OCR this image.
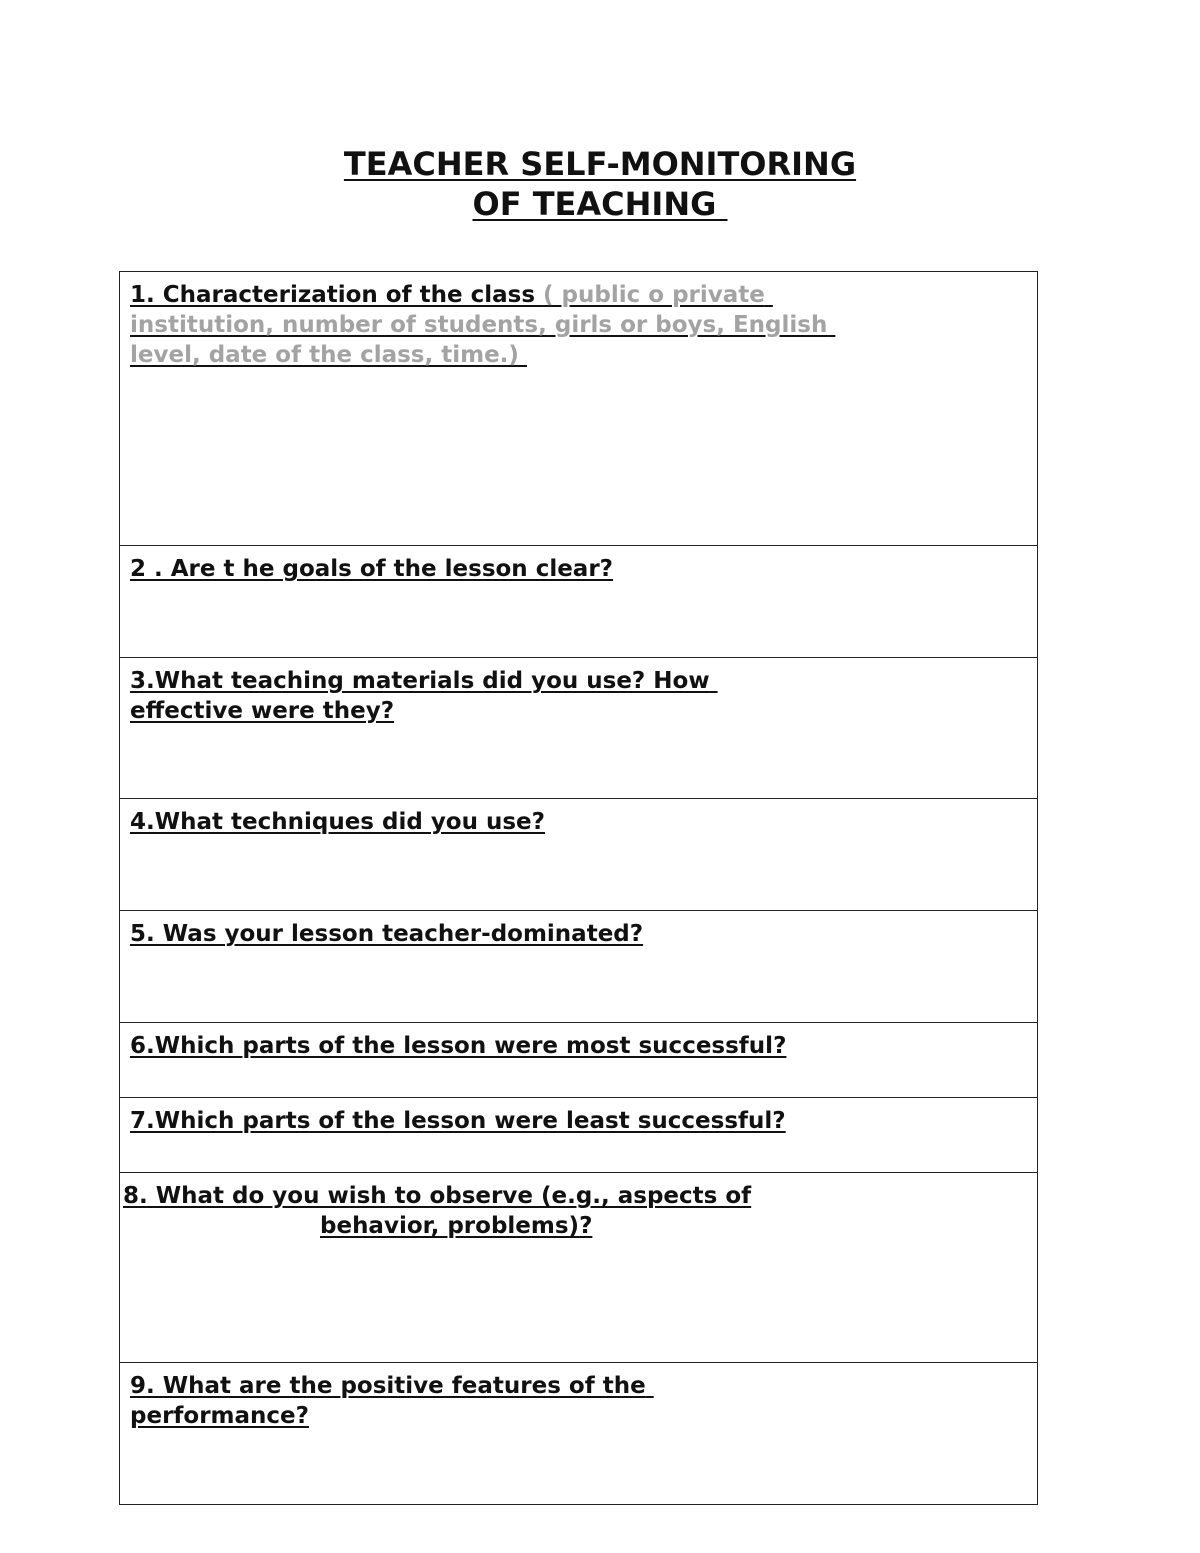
TEACHER SELF-MONITORING
OF TEACHING
1. Characterization of the class ( public o private institution, number of students, girls or boys, English level, date of the class, time.)

2 . Are t he goals of the lesson clear?

3.What teaching materials did you use? How effective were they?

4.What techniques did you use?

5. Was your lesson teacher-dominated?

6.Which parts of the lesson were most successful?

7.Which parts of the lesson were least successful?

8. What do you wish to observe (e.g., aspects of
behavior, problems)?

9. What are the positive features of the performance?
